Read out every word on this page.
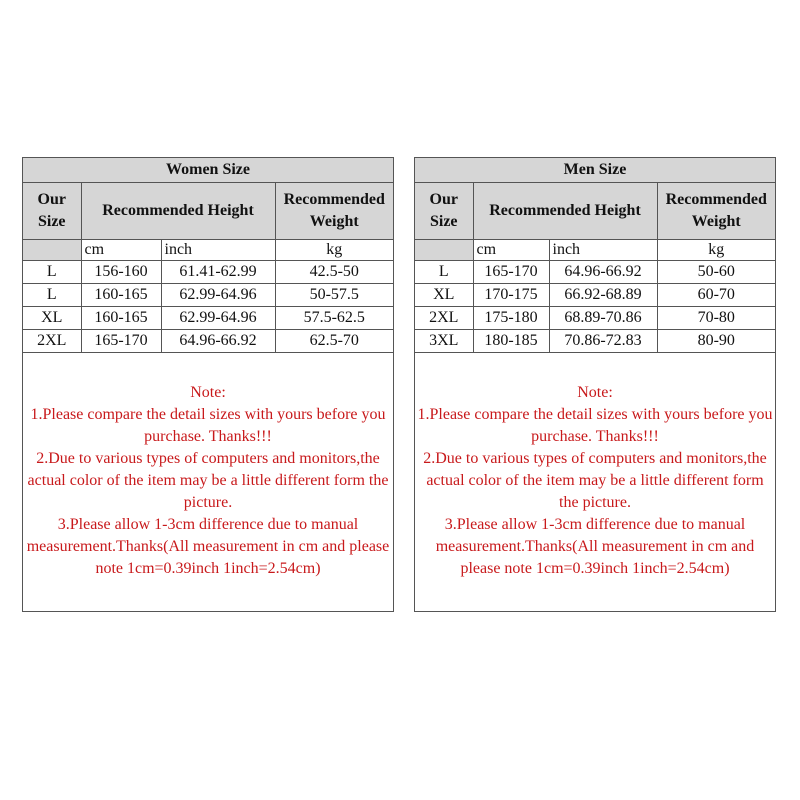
Women Size			
Our Size	Recommended Height		Recommended Weight
	cm	inch	kg
L	156-160	61.41-62.99	42.5-50
L	160-165	62.99-64.96	50-57.5
XL	160-165	62.99-64.96	57.5-62.5
2XL	165-170	64.96-66.92	62.5-70

Note:

1.Please compare the detail sizes with yours before you purchase. Thanks!!!

2.Due to various types of computers and monitors,the actual color of the item may be a little different form the picture.

3.Please allow 1-3cm difference due to manual measurement.Thanks(All measurement in cm and please note 1cm=0.39inch 1inch=2.54cm)

Men Size			
Our Size	Recommended Height		Recommended Weight
	cm	inch	kg
L	165-170	64.96-66.92	50-60
XL	170-175	66.92-68.89	60-70
2XL	175-180	68.89-70.86	70-80
3XL	180-185	70.86-72.83	80-90

Note:

1.Please compare the detail sizes with yours before you purchase. Thanks!!!

2.Due to various types of computers and monitors,the actual color of the item may be a little different form the picture.

3.Please allow 1-3cm difference due to manual measurement.Thanks(All measurement in cm and please note 1cm=0.39inch 1inch=2.54cm)
